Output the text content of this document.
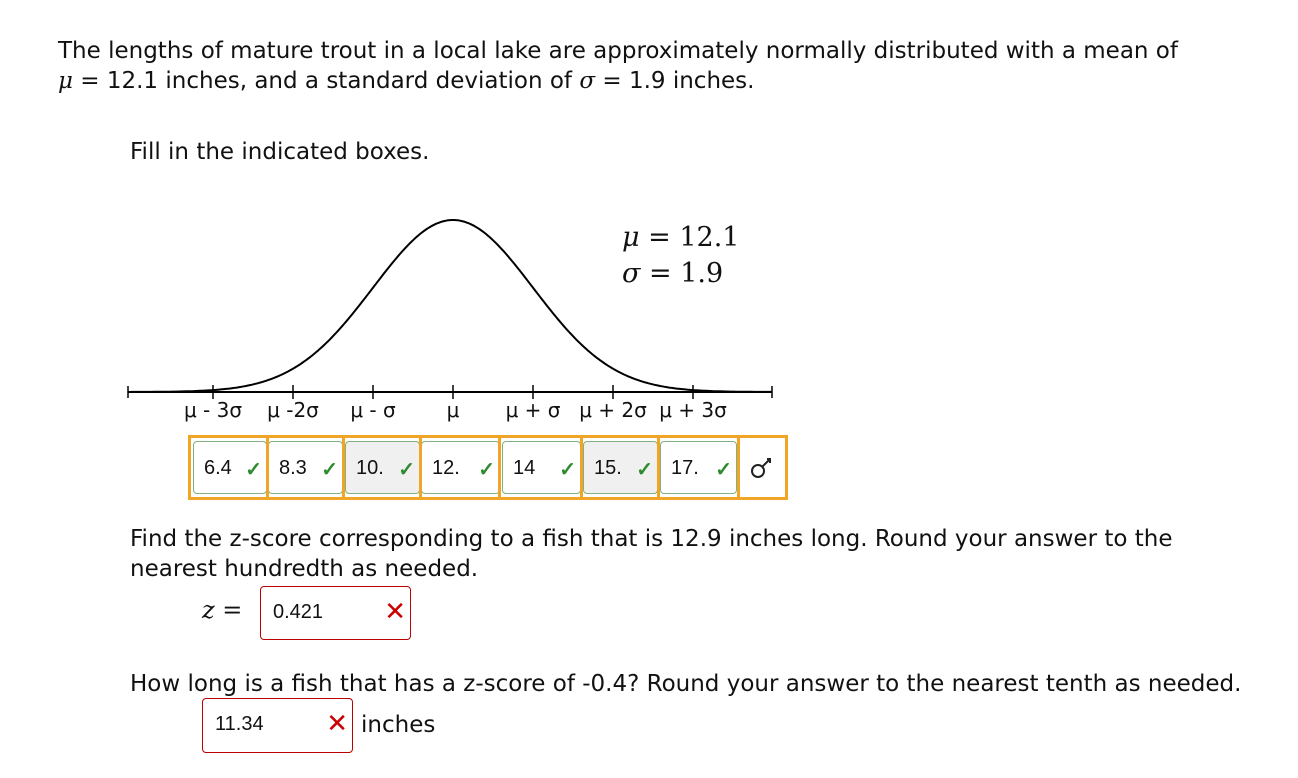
The lengths of mature trout in a local lake are approximately normally distributed with a mean of
μ = 12.1 inches, and a standard deviation of σ = 1.9 inches.
Fill in the indicated boxes.
μ = 12.1
σ = 1.9
μ - 3σ μ -2σ μ - σ	μ μ + σ μ + 2σ μ + 3σ
6.4 ✓ 8.3 ✓ 10. ✓ 12. ✓ 14 ✓ 15. ✓ 17. ✓
Find the z-score corresponding to a fish that is 12.9 inches long. Round your answer to the
nearest hundredth as needed.
z = 0.421 ✕
How long is a fish that has a z-score of -0.4? Round your answer to the nearest tenth as needed.
11.34 ✕ inches
